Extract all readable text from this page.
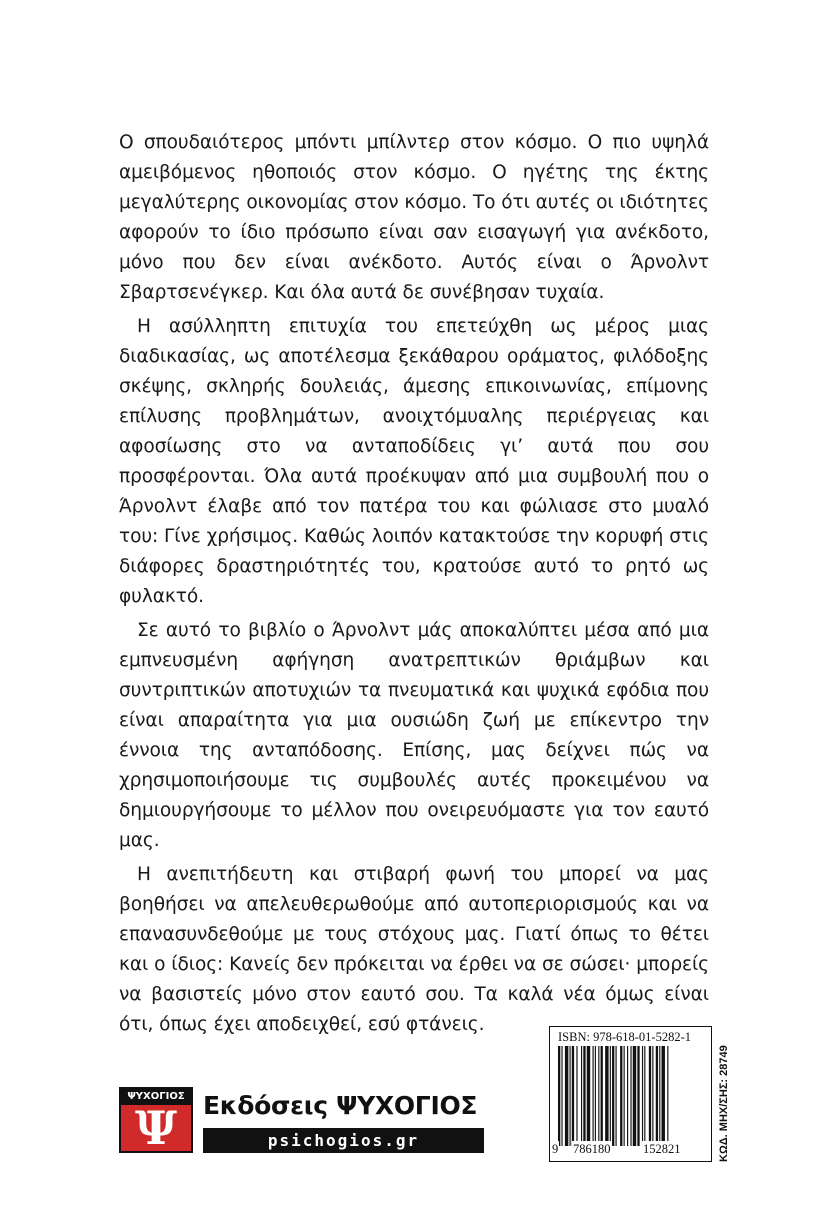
Ο σπουδαιότερος μπόντι μπίλντερ στον κόσμο. Ο πιο υψηλά αμειβόμενος ηθοποιός στον κόσμο. Ο ηγέτης της έκτης μεγαλύτερης οικονομίας στον κόσμο. Το ότι αυτές οι ιδιότητες αφορούν το ίδιο πρόσωπο είναι σαν εισαγωγή για ανέκδοτο, μόνο που δεν είναι ανέκδοτο. Αυτός είναι ο Άρνολντ Σβαρτσενέγκερ. Και όλα αυτά δε συνέβησαν τυχαία.

Η ασύλληπτη επιτυχία του επετεύχθη ως μέρος μιας διαδικασίας, ως αποτέλεσμα ξεκάθαρου οράματος, φιλόδοξης σκέψης, σκληρής δουλειάς, άμεσης επικοινωνίας, επίμονης επίλυσης προβλημάτων, ανοιχτόμυαλης περιέργειας και αφοσίωσης στο να ανταποδίδεις γι’ αυτά που σου προσφέρονται. Όλα αυτά προέκυψαν από μια συμβουλή που ο Άρνολντ έλαβε από τον πατέρα του και φώλιασε στο μυαλό του: Γίνε χρήσιμος. Καθώς λοιπόν κατακτούσε την κορυφή στις διάφορες δραστηριότητές του, κρατούσε αυτό το ρητό ως φυλακτό.

Σε αυτό το βιβλίο ο Άρνολντ μάς αποκαλύπτει μέσα από μια εμπνευσμένη αφήγηση ανατρεπτικών θριάμβων και συντριπτικών αποτυχιών τα πνευματικά και ψυχικά εφόδια που είναι απαραίτητα για μια ουσιώδη ζωή με επίκεντρο την έννοια της ανταπόδοσης. Επίσης, μας δείχνει πώς να χρησιμοποιήσουμε τις συμβουλές αυτές προκειμένου να δημιουργήσουμε το μέλλον που ονειρευόμαστε για τον εαυτό μας.

Η ανεπιτήδευτη και στιβαρή φωνή του μπορεί να μας βοηθήσει να απελευθερωθούμε από αυτοπεριορισμούς και να επανασυνδεθούμε με τους στόχους μας. Γιατί όπως το θέτει και ο ίδιος: Κανείς δεν πρόκειται να έρθει να σε σώσει· μπορείς να βασιστείς μόνο στον εαυτό σου. Τα καλά νέα όμως είναι ότι, όπως έχει αποδειχθεί, εσύ φτάνεις.

ΨΥΧΟΓΙΟΣ
Ψ	Εκδόσεις ΨΥΧΟΓΙΟΣ
psichogios.gr
ISBN: 978-618-01-5282-1
9 786180	152821	ΚΩΔ. ΜΗΧ/ΣΗΣ: 28749
